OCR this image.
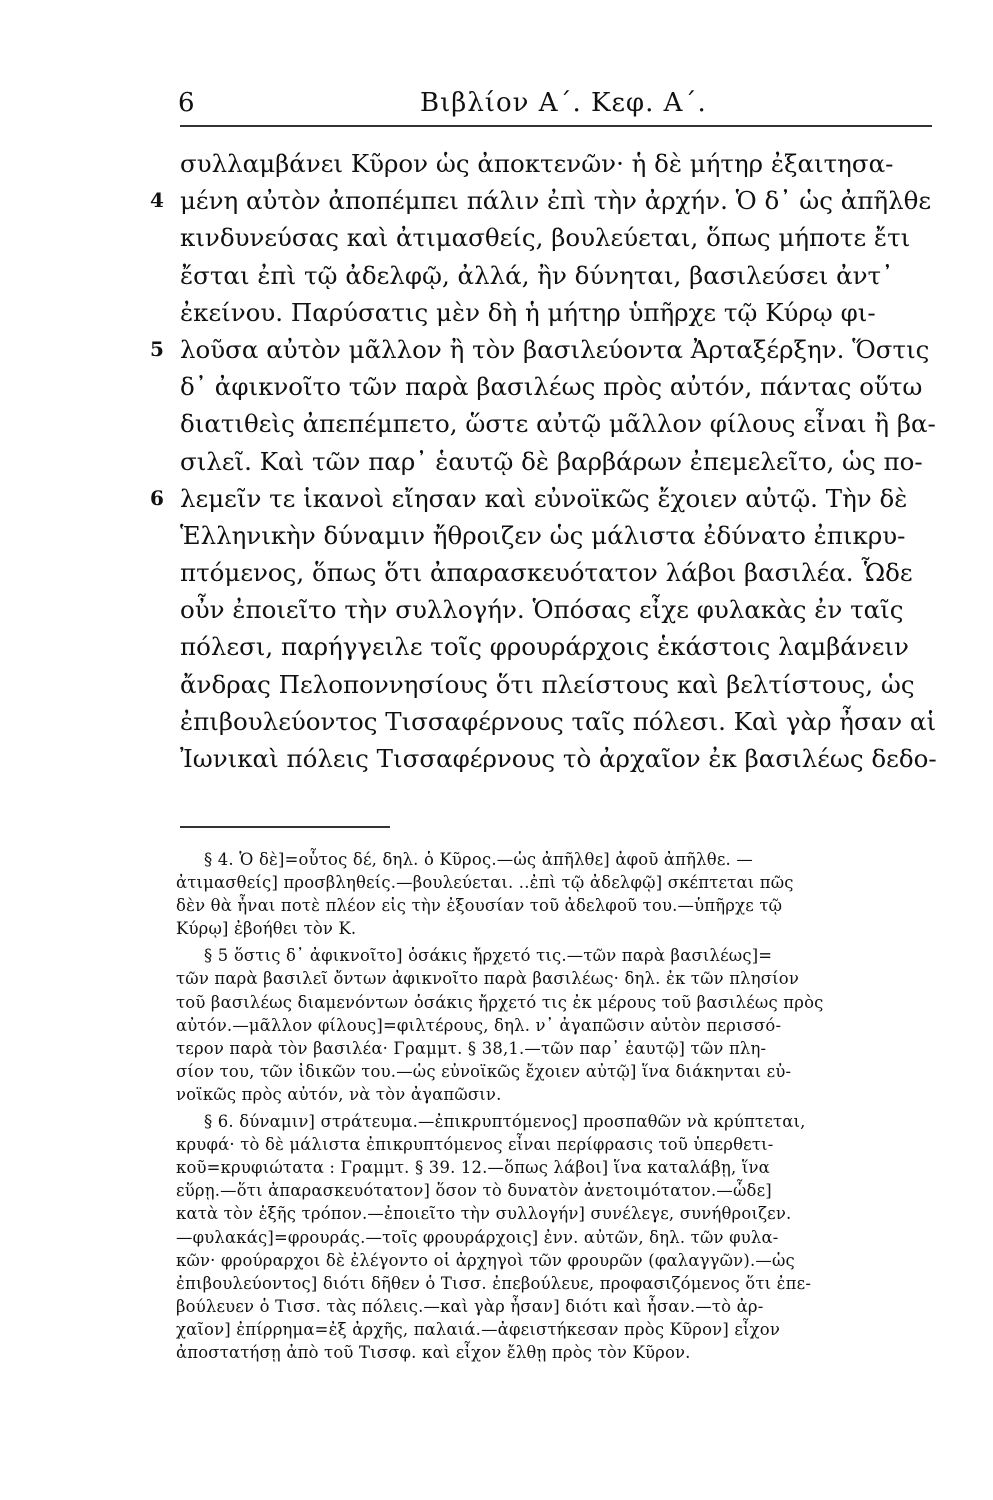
6	Βιβλίον Α΄. Κεφ. Α΄.
συλλαμβάνει Κῦρον ὡς ἀποκτενῶν· ἡ δὲ μήτηρ ἐξαιτησα-
4 μένη αὐτὸν ἀποπέμπει πάλιν ἐπὶ τὴν ἀρχήν. Ὁ δ᾽ ὡς ἀπῆλθε
κινδυνεύσας καὶ ἀτιμασθείς, βουλεύεται, ὅπως μήποτε ἔτι
ἔσται ἐπὶ τῷ ἀδελφῷ, ἀλλά, ἢν δύνηται, βασιλεύσει ἀντ᾽
ἐκείνου. Παρύσατις μὲν δὴ ἡ μήτηρ ὑπῆρχε τῷ Κύρῳ φι-
5 λοῦσα αὐτὸν μᾶλλον ἢ τὸν βασιλεύοντα Ἀρταξέρξην. Ὅστις
δ᾽ ἀφικνοῖτο τῶν παρὰ βασιλέως πρὸς αὐτόν, πάντας οὕτω
διατιθεὶς ἀπεπέμπετο, ὥστε αὐτῷ μᾶλλον φίλους εἶναι ἢ βα-
σιλεῖ. Καὶ τῶν παρ᾽ ἑαυτῷ δὲ βαρβάρων ἐπεμελεῖτο, ὡς πο-
6 λεμεῖν τε ἱκανοὶ εἴησαν καὶ εὐνοϊκῶς ἔχοιεν αὐτῷ. Τὴν δὲ
Ἑλληνικὴν δύναμιν ἤθροιζεν ὡς μάλιστα ἐδύνατο ἐπικρυ-
πτόμενος, ὅπως ὅτι ἀπαρασκευότατον λάβοι βασιλέα. Ὧδε
οὖν ἐποιεῖτο τὴν συλλογήν. Ὁπόσας εἶχε φυλακὰς ἐν ταῖς
πόλεσι, παρήγγειλε τοῖς φρουράρχοις ἑκάστοις λαμβάνειν
ἄνδρας Πελοποννησίους ὅτι πλείστους καὶ βελτίστους, ὡς
ἐπιβουλεύοντος Τισσαφέρνους ταῖς πόλεσι. Καὶ γὰρ ἦσαν αἱ
Ἰωνικαὶ πόλεις Τισσαφέρνους τὸ ἀρχαῖον ἐκ βασιλέως δεδο-
§ 4. Ὁ δὲ]=οὗτος δέ, δηλ. ὁ Κῦρος.—ὡς ἀπῆλθε] ἀφοῦ ἀπῆλθε. —
ἀτιμασθείς] προσβληθείς.—βουλεύεται. ..ἐπὶ τῷ ἀδελφῷ] σκέπτεται πῶς
δὲν θὰ ἦναι ποτὲ πλέον εἰς τὴν ἐξουσίαν τοῦ ἀδελφοῦ του.—ὑπῆρχε τῷ
Κύρῳ] ἐβοήθει τὸν Κ.
§ 5 ὅστις δ᾽ ἀφικνοῖτο] ὁσάκις ἤρχετό τις.—τῶν παρὰ βασιλέως]=
τῶν παρὰ βασιλεῖ ὄντων ἀφικνοῖτο παρὰ βασιλέως· δηλ. ἐκ τῶν πλησίον
τοῦ βασιλέως διαμενόντων ὁσάκις ἤρχετό τις ἐκ μέρους τοῦ βασιλέως πρὸς
αὐτόν.—μᾶλλον φίλους]=φιλτέρους, δηλ. ν᾽ ἀγαπῶσιν αὐτὸν περισσό-
τερον παρὰ τὸν βασιλέα· Γραμμτ. § 38,1.—τῶν παρ᾽ ἑαυτῷ] τῶν πλη-
σίον του, τῶν ἰδικῶν του.—ὡς εὐνοϊκῶς ἔχοιεν αὐτῷ] ἵνα διάκηνται εὐ-
νοϊκῶς πρὸς αὐτόν, νὰ τὸν ἀγαπῶσιν.
§ 6. δύναμιν] στράτευμα.—ἐπικρυπτόμενος] προσπαθῶν νὰ κρύπτεται,
κρυφά· τὸ δὲ μάλιστα ἐπικρυπτόμενος εἶναι περίφρασις τοῦ ὑπερθετι-
κοῦ=κρυφιώτατα : Γραμμτ. § 39. 12.—ὅπως λάβοι] ἵνα καταλάβῃ, ἵνα
εὕρῃ.—ὅτι ἀπαρασκευότατον] ὅσον τὸ δυνατὸν ἀνετοιμότατον.—ὧδε]
κατὰ τὸν ἑξῆς τρόπον.—ἐποιεῖτο τὴν συλλογήν] συνέλεγε, συνήθροιζεν.
—φυλακάς]=φρουράς.—τοῖς φρουράρχοις] ἐνν. αὐτῶν, δηλ. τῶν φυλα-
κῶν· φρούραρχοι δὲ ἐλέγοντο οἱ ἀρχηγοὶ τῶν φρουρῶν (φαλαγγῶν).—ὡς
ἐπιβουλεύοντος] διότι δῆθεν ὁ Τισσ. ἐπεβούλευε, προφασιζόμενος ὅτι ἐπε-
βούλευεν ὁ Τισσ. τὰς πόλεις.—καὶ γὰρ ἦσαν] διότι καὶ ἦσαν.—τὸ ἀρ-
χαῖον] ἐπίρρημα=ἐξ ἀρχῆς, παλαιά.—ἀφειστήκεσαν πρὸς Κῦρον] εἶχον
ἀποστατήσῃ ἀπὸ τοῦ Τισσφ. καὶ εἶχον ἔλθῃ πρὸς τὸν Κῦρον.
